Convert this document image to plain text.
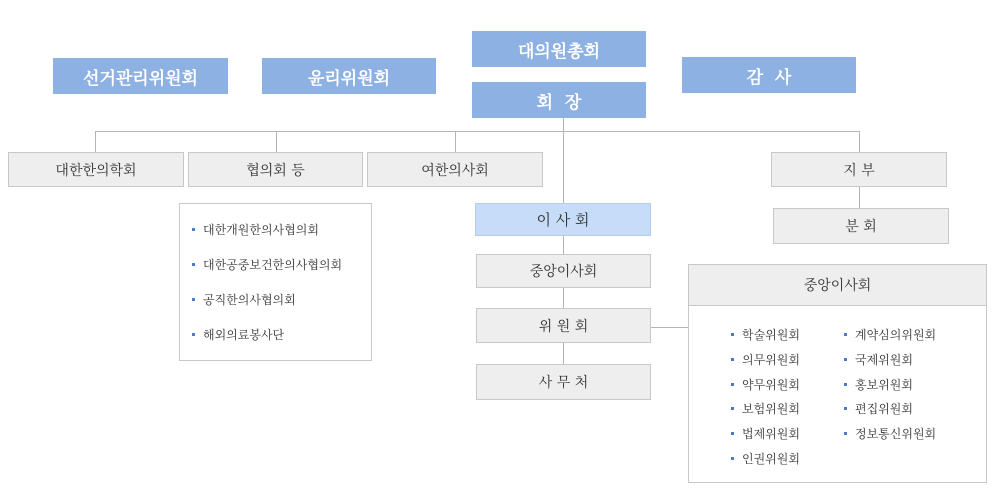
대의원총회
회  장
선거관리위원회	윤리위원회	감  사
대한한의학회	협의회 등	여한의사회	지 부
분 회
대한개원한의사협의회
대한공중보건한의사협의회
공직한의사협의회
해외의료봉사단
이 사 회
중앙이사회
위 원 회
사 무 처
중앙이사회
학술위원회
의무위원회
약무위원회
보험위원회
법제위원회
인권위원회
계약심의위원회
국제위원회
홍보위원회
편집위원회
정보통신위원회
